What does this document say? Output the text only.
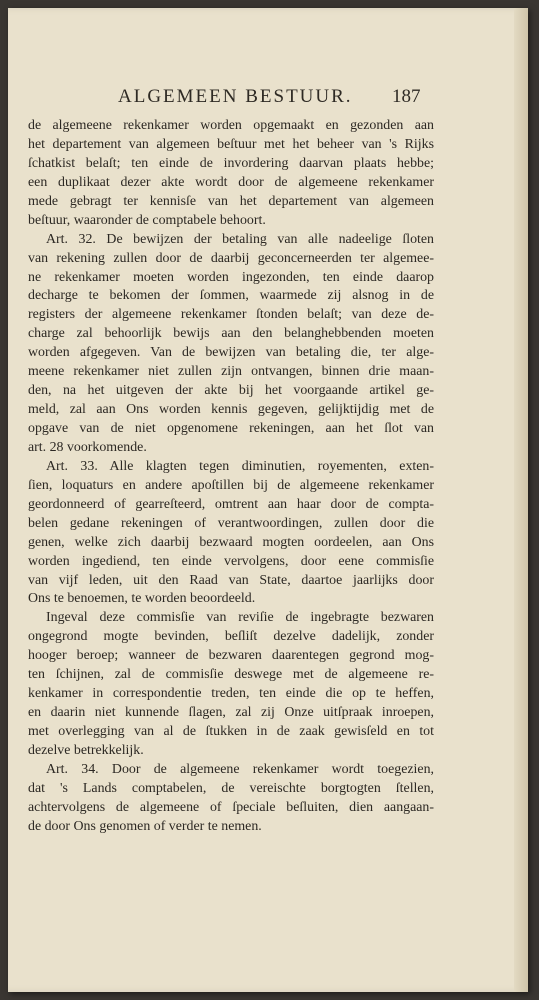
ALGEMEEN BESTUUR.	187
de algemeene rekenkamer worden opgemaakt en gezonden aan
het departement van algemeen beſtuur met het beheer van 's Rijks
ſchatkist belaſt; ten einde de invordering daarvan plaats hebbe;
een duplikaat dezer akte wordt door de algemeene rekenkamer
mede gebragt ter kennisſe van het departement van algemeen
beſtuur, waaronder de comptabele behoort.
Art. 32. De bewijzen der betaling van alle nadeelige ſloten
van rekening zullen door de daarbij geconcerneerden ter algemee-
ne rekenkamer moeten worden ingezonden, ten einde daarop
decharge te bekomen der ſommen, waarmede zij alsnog in de
registers der algemeene rekenkamer ſtonden belaſt; van deze de-
charge zal behoorlijk bewijs aan den belanghebbenden moeten
worden afgegeven. Van de bewijzen van betaling die, ter alge-
meene rekenkamer niet zullen zijn ontvangen, binnen drie maan-
den, na het uitgeven der akte bij het voorgaande artikel ge-
meld, zal aan Ons worden kennis gegeven, gelijktijdig met de
opgave van de niet opgenomene rekeningen, aan het ſlot van
art. 28 voorkomende.
Art. 33. Alle klagten tegen diminutien, royementen, exten-
ſien, loquaturs en andere apoſtillen bij de algemeene rekenkamer
geordonneerd of gearreſteerd, omtrent aan haar door de compta-
belen gedane rekeningen of verantwoordingen, zullen door die
genen, welke zich daarbij bezwaard mogten oordeelen, aan Ons
worden ingediend, ten einde vervolgens, door eene commisſie
van vijf leden, uit den Raad van State, daartoe jaarlijks door
Ons te benoemen, te worden beoordeeld.
Ingeval deze commisſie van reviſie de ingebragte bezwaren
ongegrond mogte bevinden, beſliſt dezelve dadelijk, zonder
hooger beroep; wanneer de bezwaren daarentegen gegrond mog-
ten ſchijnen, zal de commisſie deswege met de algemeene re-
kenkamer in correspondentie treden, ten einde die op te heffen,
en daarin niet kunnende ſlagen, zal zij Onze uitſpraak inroepen,
met overlegging van al de ſtukken in de zaak gewisſeld en tot
dezelve betrekkelijk.
Art. 34. Door de algemeene rekenkamer wordt toegezien,
dat 's Lands comptabelen, de vereischte borgtogten ſtellen,
achtervolgens de algemeene of ſpeciale beſluiten, dien aangaan-
de door Ons genomen of verder te nemen.
